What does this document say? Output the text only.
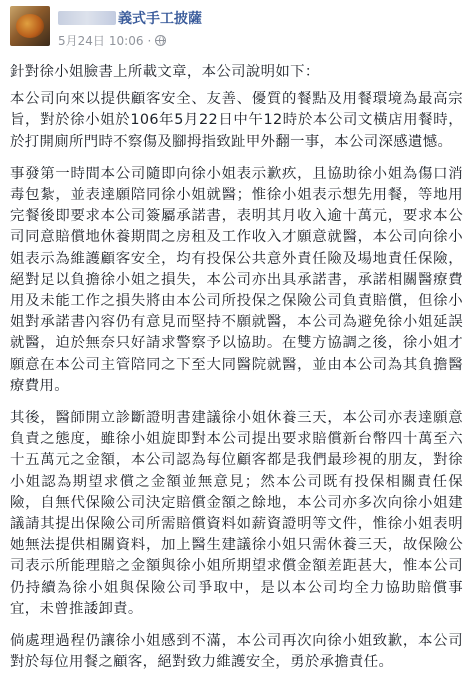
義式手工披薩
5月24日 10:06 ·

針對徐小姐臉書上所載文章，本公司說明如下：

本公司向來以提供顧客安全、友善、優質的餐點及用餐環境為最高宗旨，對於徐小姐於106年5月22日中午12時於本公司文橫店用餐時，於打開廁所門時不察傷及腳拇指致趾甲外翻一事，本公司深感遺憾。

事發第一時間本公司隨即向徐小姐表示歉疚，且協助徐小姐為傷口消毒包紮，並表達願陪同徐小姐就醫；惟徐小姐表示想先用餐，等地用完餐後即要求本公司簽屬承諾書，表明其月收入逾十萬元，要求本公司同意賠償地休養期間之房租及工作收入才願意就醫，本公司向徐小姐表示為維護顧客安全，均有投保公共意外責任險及場地責任保險，絕對足以負擔徐小姐之損失，本公司亦出具承諾書，承諾相關醫療費用及未能工作之損失將由本公司所投保之保險公司負責賠償，但徐小姐對承諾書內容仍有意見而堅持不願就醫，本公司為避免徐小姐延誤就醫，迫於無奈只好請求警察予以協助。在雙方協調之後，徐小姐才願意在本公司主管陪同之下至大同醫院就醫，並由本公司為其負擔醫療費用。

其後，醫師開立診斷證明書建議徐小姐休養三天，本公司亦表達願意負責之態度，雖徐小姐旋即對本公司提出要求賠償新台幣四十萬至六十五萬元之金額，本公司認為每位顧客都是我們最珍視的朋友，對徐小姐認為期望求償之金額並無意見；然本公司既有投保相關責任保險，自無代保險公司決定賠償金額之餘地，本公司亦多次向徐小姐建議請其提出保險公司所需賠償資料如薪資證明等文件，惟徐小姐表明她無法提供相關資料，加上醫生建議徐小姐只需休養三天，故保險公司表示所能理賠之金額與徐小姐所期望求償金額差距甚大，惟本公司仍持續為徐小姐與保險公司爭取中，是以本公司均全力協助賠償事宜，未曾推諉卸責。

倘處理過程仍讓徐小姐感到不滿，本公司再次向徐小姐致歉，本公司對於每位用餐之顧客，絕對致力維護安全，勇於承擔責任。
